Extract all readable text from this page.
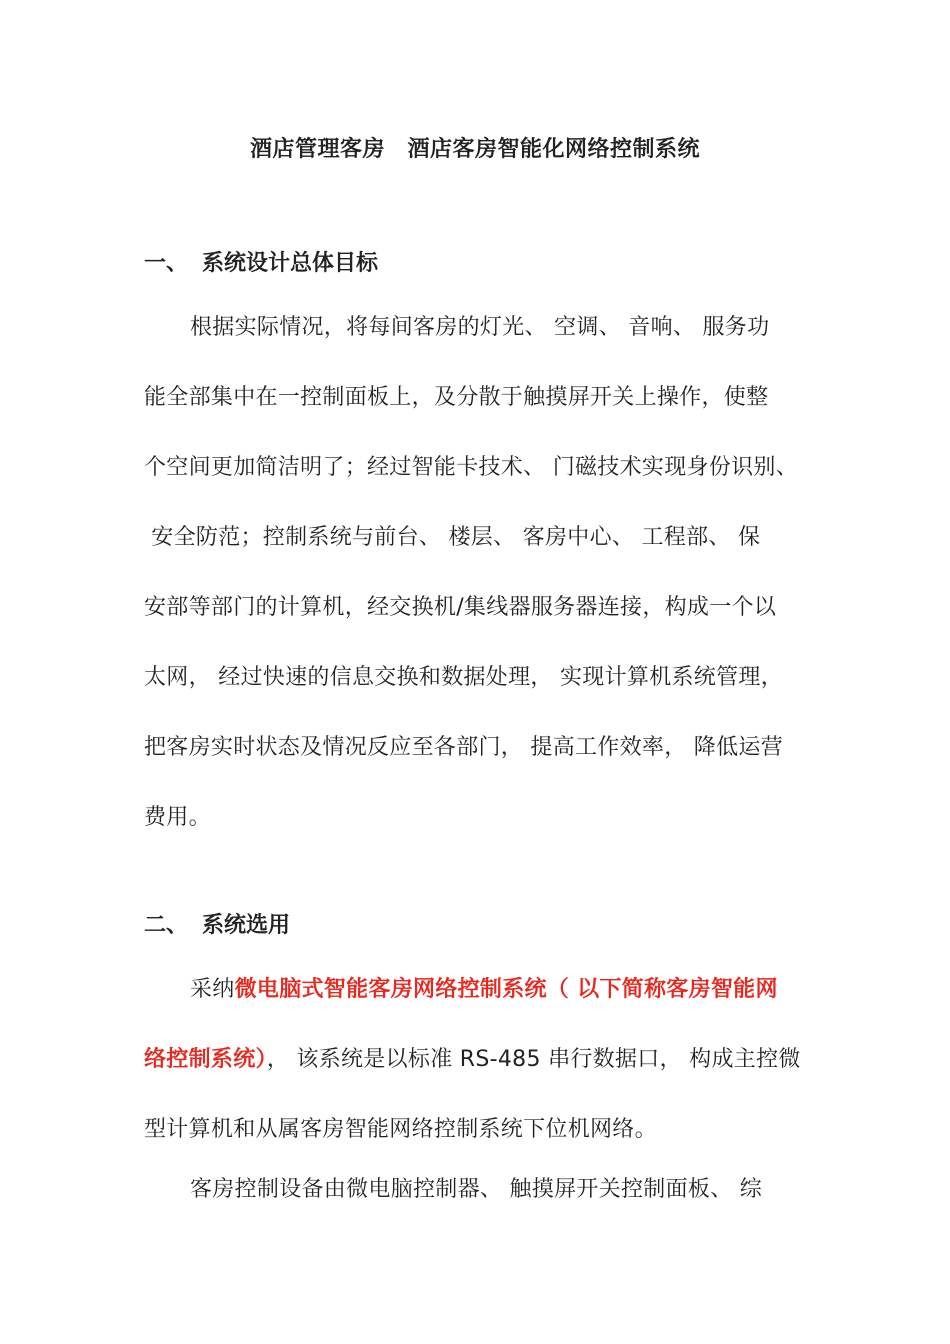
酒店管理客房　酒店客房智能化网络控制系统
一、 系统设计总体目标
根据实际情况，将每间客房的灯光、 空调、 音响、 服务功
能全部集中在一控制面板上，及分散于触摸屏开关上操作，使整
个空间更加简洁明了；经过智能卡技术、 门磁技术实现身份识别、
安全防范；控制系统与前台、 楼层、 客房中心、 工程部、 保
安部等部门的计算机，经交换机/集线器服务器连接，构成一个以
太网， 经过快速的信息交换和数据处理， 实现计算机系统管理，
把客房实时状态及情况反应至各部门， 提高工作效率， 降低运营
费用。
二、 系统选用
采纳微电脑式智能客房网络控制系统（ 以下简称客房智能网
络控制系统）， 该系统是以标准 RS-485 串行数据口， 构成主控微
型计算机和从属客房智能网络控制系统下位机网络。
客房控制设备由微电脑控制器、 触摸屏开关控制面板、 综
